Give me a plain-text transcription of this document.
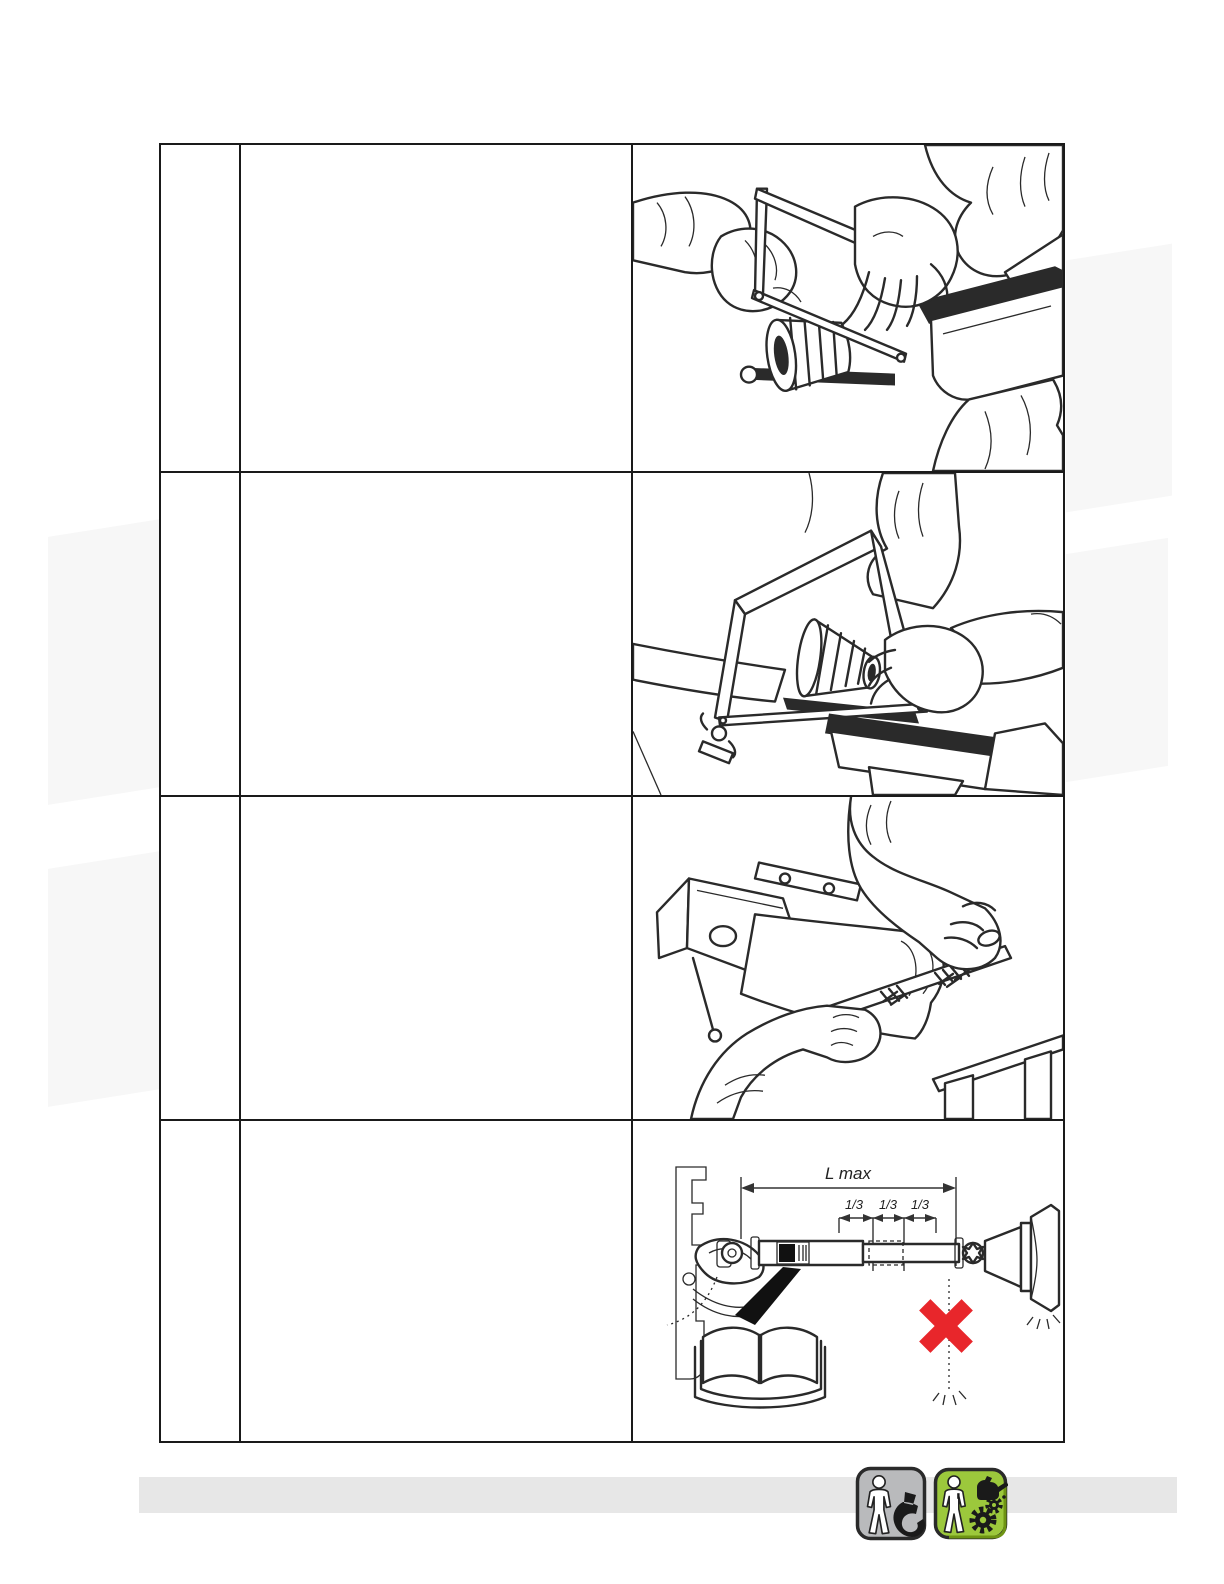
L max
1/3 1/3 1/3
